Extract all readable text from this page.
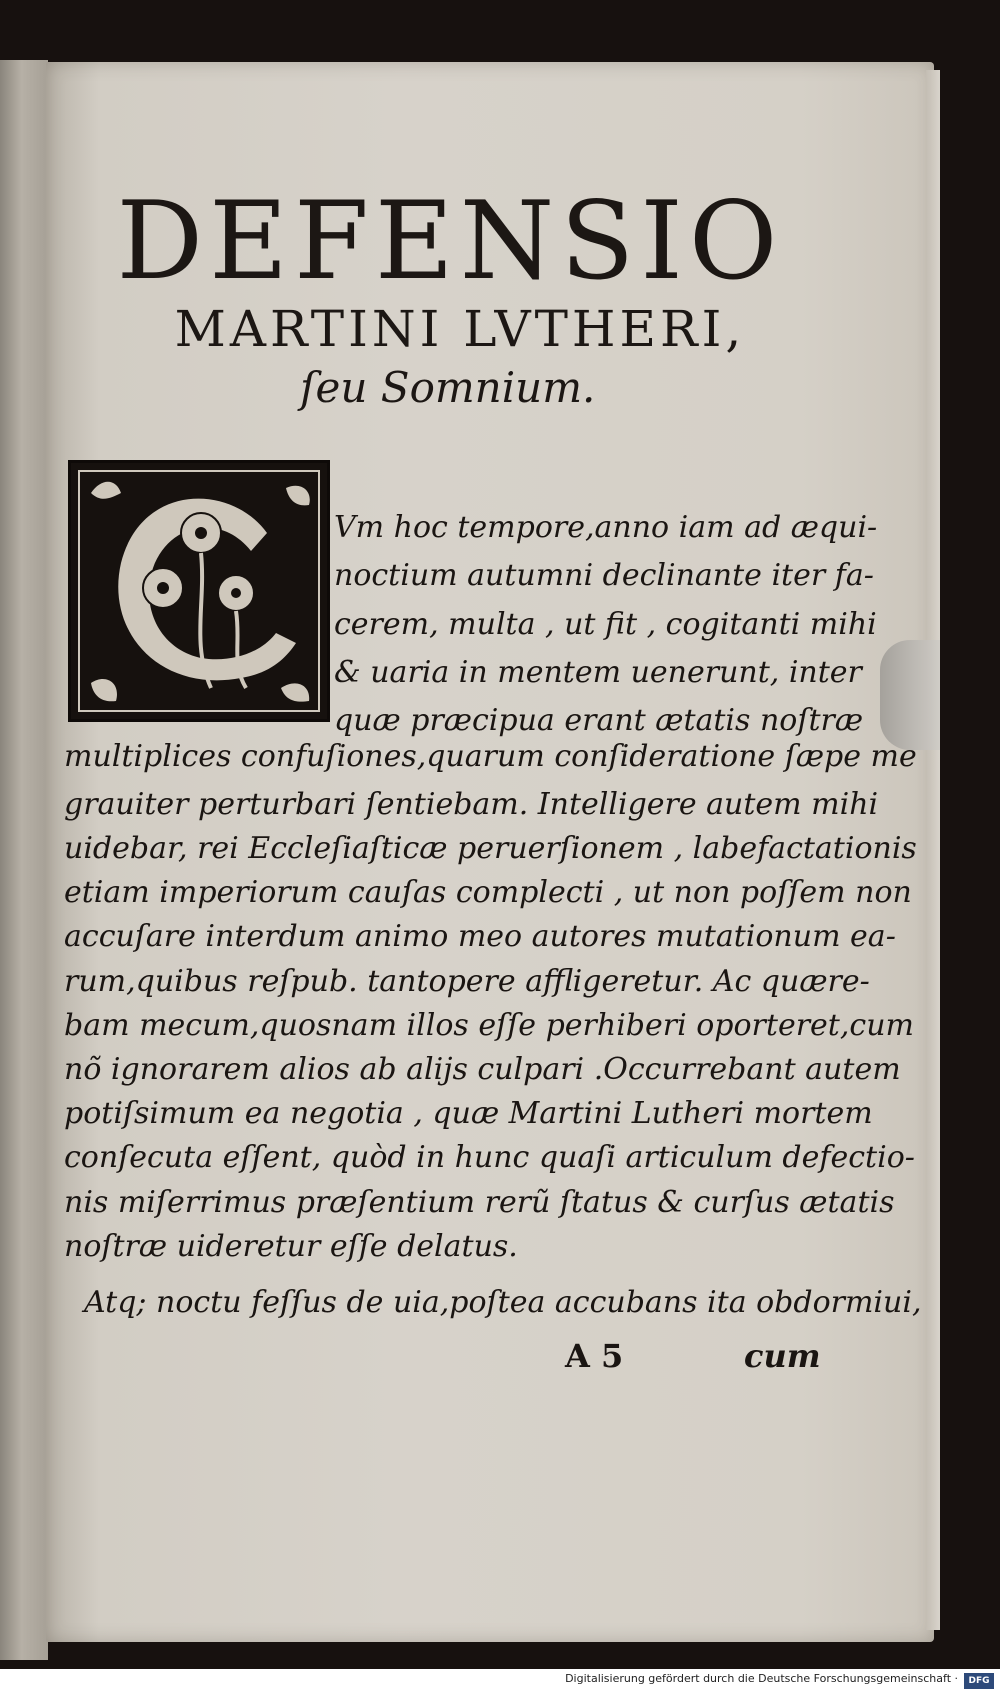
DEFENSIO
MARTINI LVTHERI,
ſeu Somnium.

Vm hoc tempore,anno iam ad æqui-

noctium autumni declinante iter fa-

cerem, multa , ut fit , cogitanti mihi

& uaria in mentem uenerunt, inter

quæ præcipua erant ætatis noſtræ

multiplices confuſiones,quarum conſideratione ſæpe me

grauiter perturbari ſentiebam. Intelligere autem mihi

uidebar, rei Eccleſiaſticæ peruerſionem , labefactationis

etiam imperiorum cauſas complecti , ut non poſſem non

accuſare interdum animo meo autores mutationum ea-

rum,quibus reſpub. tantopere affligeretur. Ac quære-

bam mecum,quosnam illos eſſe perhiberi oporteret,cum

nõ ignorarem alios ab alijs culpari .Occurrebant autem

potiſsimum ea negotia , quæ Martini Lutheri mortem

conſecuta eſſent, quòd in hunc quaſi articulum defectio-

nis miſerrimus præſentium rerũ ſtatus & curſus ætatis

noſtræ uideretur eſſe delatus.

Atq; noctu feſſus de uia,poſtea accubans ita obdormiui,

A 5	cum
Digitalisierung gefördert durch die Deutsche Forschungsgemeinschaft ·	DFG
